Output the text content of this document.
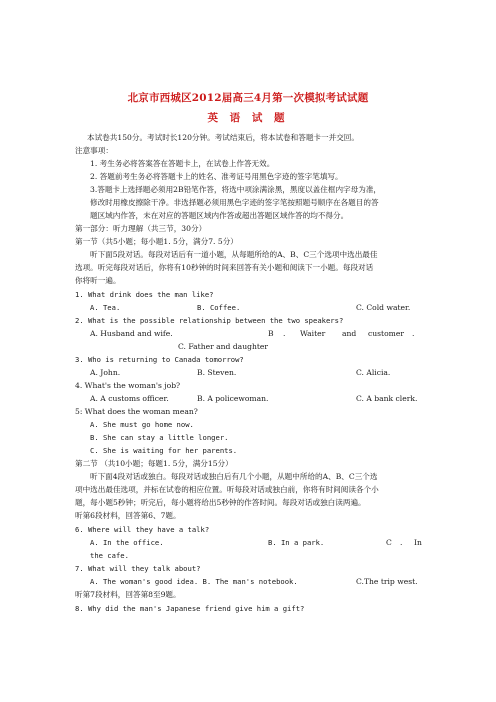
北京市西城区2012届高三4月第一次模拟考试试题
英 语 试 题
本试卷共150分。考试时长120分钟。考试结束后，将本试卷和答题卡一并交回。
注意事项：
1. 考生务必将答案答在答题卡上，在试卷上作答无效。
2. 答题前考生务必将答题卡上的姓名、准考证号用黑色字迹的签字笔填写。
3.答题卡上选择题必须用2B铅笔作答，将选中项涂满涂黑，黑度以盖住框内字母为准，
修改时用橡皮擦除干净。非选择题必须用黑色字迹的签字笔按照题号顺序在各题目的答
题区域内作答，未在对应的答题区域内作答或超出答题区域作答的均不得分。
第一部分：听力理解（共三节，30分）
第一节（共5小题；每小题1. 5分，满分7. 5分）
听下面5段对话。每段对话后有一道小题，从每题所给的A、B、C三个选项中选出最佳
选项。听完每段对话后，你将有10秒钟的时间来回答有关小题和阅读下一小题。每段对话
你将听一遍。
1. What drink does the man like?
A. Tea.	B. Coffee.	C. Cold water.
2. What is the possible relationship between the two speakers?
A. Husband and wife.	B . Waiter and customer .
C. Father and daughter
3. Who is returning to Canada tomorrow?
A. John.	B. Steven.	C. Alicia.
4. What's the woman's job?
A. A customs officer.	B. A policewoman.	C. A bank clerk.
5: What does the woman mean?
A. She must go home now.
B. She can stay a little longer.
C. She is waiting for her parents.
第二节 （共10小题；每题1. 5分，满分15分）
听下面4段对话或独白。每段对话或独白后有几个小题，从题中所给的A、B、C三个选
项中选出最佳选项，并标在试卷的相应位置。听每段对话或独白前，你将有时间阅读各个小
题，每小题5秒钟；听完后，每小题将给出5秒钟的作答时间。每段对话或独白读两遍。
听第6段材料，回答第6、7题。
6. Where will they have a talk?
A. In the office.	B. In a park.	C . In
the cafe.
7. What will they talk about?
A. The woman's good idea. B. The man's notebook.	C.The trip west.
听第7段材料，回答第8至9题。
8. Why did the man's Japanese friend give him a gift?
